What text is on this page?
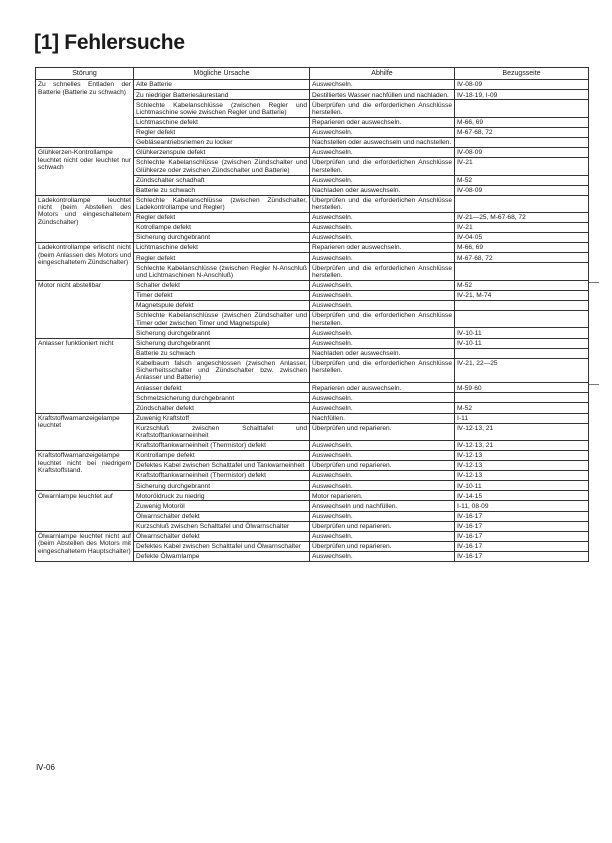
[1] Fehlersuche
Störung	Mögliche Ursache	Abhilfe	Bezugsseite
Zu schnelles Entladen der Batterie (Batterie zu schwach)	Alte Batterie	Auswechseln.	Ⅳ-08·09
	Zu niedriger Batteriesäurestand	Destilliertes Wasser nachfüllen und nachladen.	Ⅳ-18·19, Ⅰ-09
	Schlechte Kabelanschlüsse (zwischen Regler und Lichtmaschine sowie zwischen Regler und Batterie)	Überprüfen und die erforderlichen Anschlüsse herstellen.	
	Lichtmaschine defekt	Reparieren oder auswechseln.	M-66, 69
	Regler defekt	Auswechseln.	M-67·68, 72
	Gebläseantriebsriemen zu locker	Nachstellen oder auswechseln und nachstellen.	
Glühkerzen-Kontrollampe leuchtet nicht oder leuchtet nur schwach	Glühkerzenspule defekt	Auswechseln.	Ⅳ-08·09
	Schlechte Kabelanschlüsse (zwischen Zündschalter und Glühkerze oder zwischen Zündschalter und Batterie)	Überprüfen und die erforderlichen Anschlüsse herstellen.	Ⅳ-21
	Zündschalter schadhaft	Auswechseln.	M-52
	Batterie zu schwach	Nachladen oder auswechseln.	Ⅳ-08·09
Ladekontrollampe leuchtet nicht (beim Abstellen des Motors und eingeschaltetem Zündschalter)	Schlechte Kabelanschlüsse (zwischen Zündschalter, Ladekontrollampe und Regler)	Überprüfen und die erforderlichen Anschlüsse herstellen.	
	Regler defekt	Auswechseln.	Ⅳ-21―25, M-67·68, 72
	Kotrollampe defekt	Auswechseln.	Ⅳ-21
	Sicherung durchgebrannt	Auswechseln.	Ⅳ-04·05
Ladekontrollampe erlischt nicht (beim Anlassen des Motors und eingeschaltetem Zündschalter)	Lichtmaschine defekt	Reparieren oder auswechseln.	M-66, 69
	Regler defekt	Auswechseln.	M-67·68, 72
	Schlechte Kabelanschlüsse (zwischen Regler N-Anschluß und Lichtmaschinen N-Anschluß)	Überprüfen und die erforderlichen Anschlüsse herstellen.	
Motor nicht abstellbar	Schalter defekt	Auswechseln.	M-52
	Timer defekt	Auswechseln.	Ⅳ-21, M-74
	Magnetspule defekt	Auswechseln.	
	Schlechte Kabelanschlüsse (zwischen Zündschalter und Timer oder zwischen Timer und Magnetspule)	Überprüfen und die erforderlichen Anschlüsse herstellen.	
	Sicherung durchgebrannt	Auswechseln.	Ⅳ-10·11
Anlasser funktioniert nicht	Sicherung durchgebrannt	Auswechseln.	Ⅳ-10·11
	Batterie zu schwach	Nachladen oder auswechseln.	
	Kabelbaum falsch angeschlossen (zwischen Anlasser, Sicherheitsschalter und Zündschalter bzw. zwischen Anlasser und Batterie)	Überprüfen und die erforderlichen Anschlüsse herstellen.	Ⅳ-21, 22―25
	Anlasser defekt	Reparieren oder auswechseln.	M-59·60
	Schmelzsicherung durchgebrannt	Auswechseln.	
	Zündschalter defekt	Auswechseln.	M-52
Kraftstoffwarnanzeigelampe leuchtet	Zuwenig Kraftstoff	Nachfüllen.	Ⅰ-11
	Kurzschluß zwischen Schalttafel und Kraftstofftankwarneinheit	Überprüfen und reparieren.	Ⅳ-12·13, 21
	Kraftstofftankwarneinheit (Thermistor) defekt	Auswechseln.	Ⅳ-12·13, 21
Kraftstoffwarnanzeigelampe leuchtet nicht bei niedrigem Kraftstoffstand.	Kontrollampe defekt	Auswechseln.	Ⅳ-12·13
	Defektes Kabel zwischen Schalttafel und Tankwarneinheit	Überprüfen und reparieren.	Ⅳ-12·13
	Kraftstofftankwarneinheit (Thermistor) defekt	Auswechseln.	Ⅳ-12·13
	Sicherung durchgebrannt	Auswechseln.	Ⅳ-10·11
Ölwarnlampe leuchtet auf	Motoröldruck zu niedrig	Motor reparieren.	Ⅳ-14·15
	Zuwenig Motoröl	Answechseln und nachfüllen.	Ⅰ-11, 08·09
	Ölwarnschalter defekt	Auswechseln.	Ⅳ-16·17
	Kurzschluß zwischen Schalttafel und Ölwarnschalter	Überprüfen und reparieren.	Ⅳ-16·17
Ölwarnlampe leuchtet nicht auf (beim Abstellen des Motors mit eingeschaltetem Hauptschalter)	Ölwarnschalter defekt	Auswechseln.	Ⅳ-16·17
	Defektes Kabel zwischen Schalttafel und Ölwarnschalter	Überprüfen und reparieren.	Ⅳ-16·17
	Defekte Ölwarnlampe	Auswechseln.	Ⅳ-16·17
Ⅳ-06
